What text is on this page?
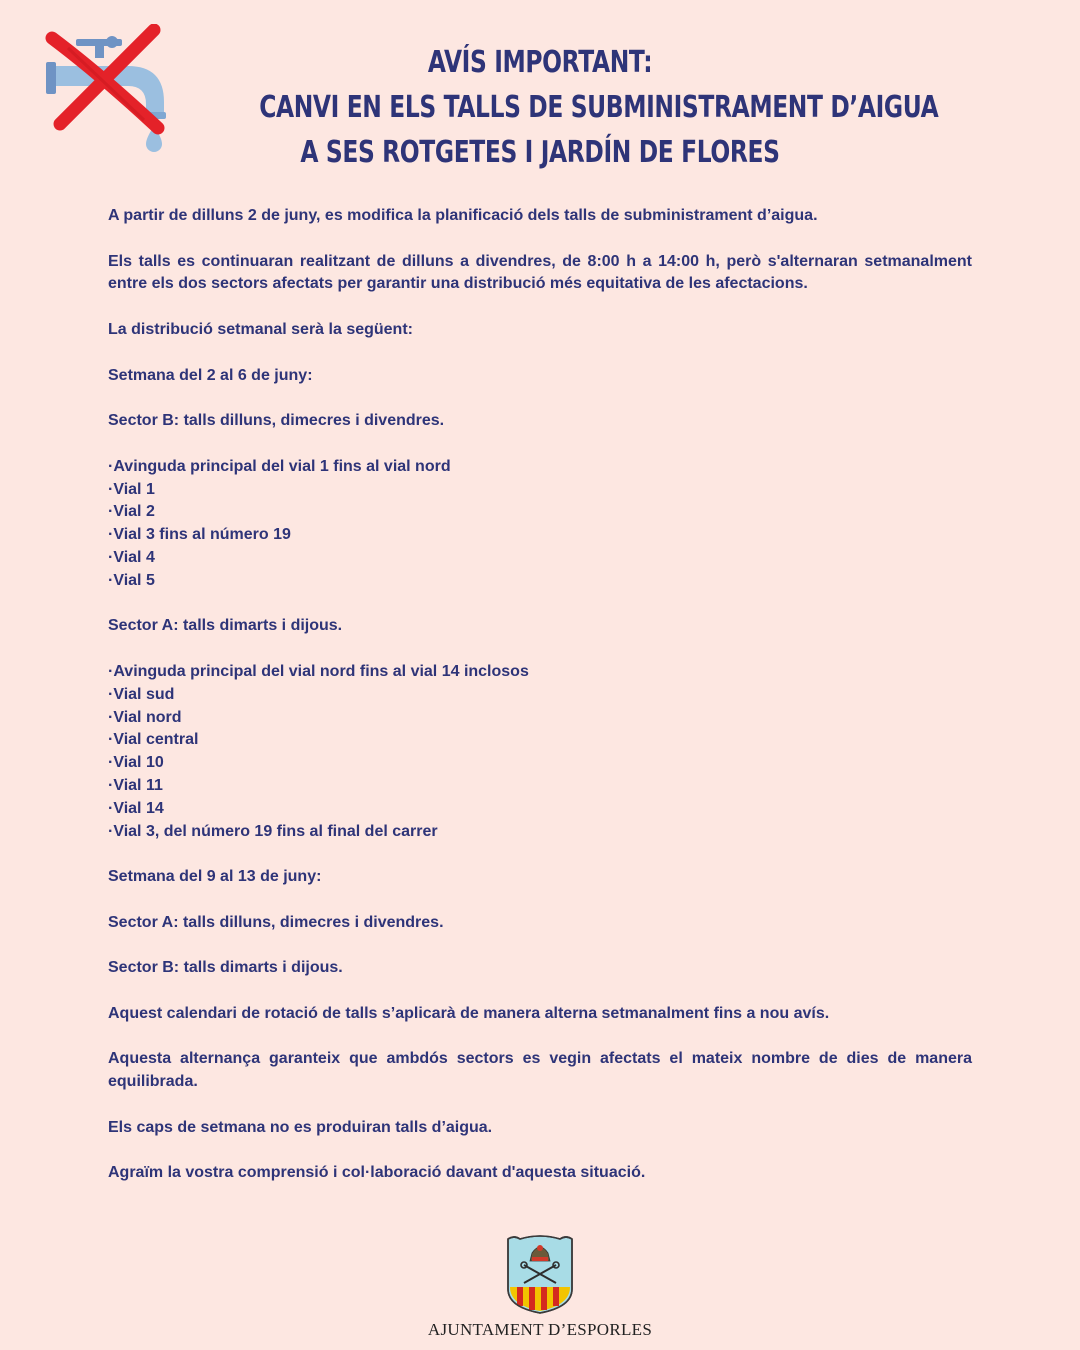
AVÍS IMPORTANT:
CANVI EN ELS TALLS DE SUBMINISTRAMENT D’AIGUA
A SES ROTGETES I JARDÍN DE FLORES

A partir de dilluns 2 de juny, es modifica la planificació dels talls de subministrament d’aigua.

Els talls es continuaran realitzant de dilluns a divendres, de 8:00 h a 14:00 h, però s'alternaran setmanalment entre els dos sectors afectats per garantir una distribució més equitativa de les afectacions.

La distribució setmanal serà la següent:

Setmana del 2 al 6 de juny:

Sector B: talls dilluns, dimecres i divendres.

·Avinguda principal del vial 1 fins al vial nord
·Vial 1
·Vial 2
·Vial 3 fins al número 19
·Vial 4
·Vial 5

Sector A: talls dimarts i dijous.

·Avinguda principal del vial nord fins al vial 14 inclosos
·Vial sud
·Vial nord
·Vial central
·Vial 10
·Vial 11
·Vial 14
·Vial 3, del número 19 fins al final del carrer

Setmana del 9 al 13 de juny:

Sector A: talls dilluns, dimecres i divendres.

Sector B: talls dimarts i dijous.

Aquest calendari de rotació de talls s’aplicarà de manera alterna setmanalment fins a nou avís.

Aquesta alternança garanteix que ambdós sectors es vegin afectats el mateix nombre de dies de manera equilibrada.

Els caps de setmana no es produiran talls d’aigua.

Agraïm la vostra comprensió i col·laboració davant d'aquesta situació.

AJUNTAMENT D’ESPORLES
